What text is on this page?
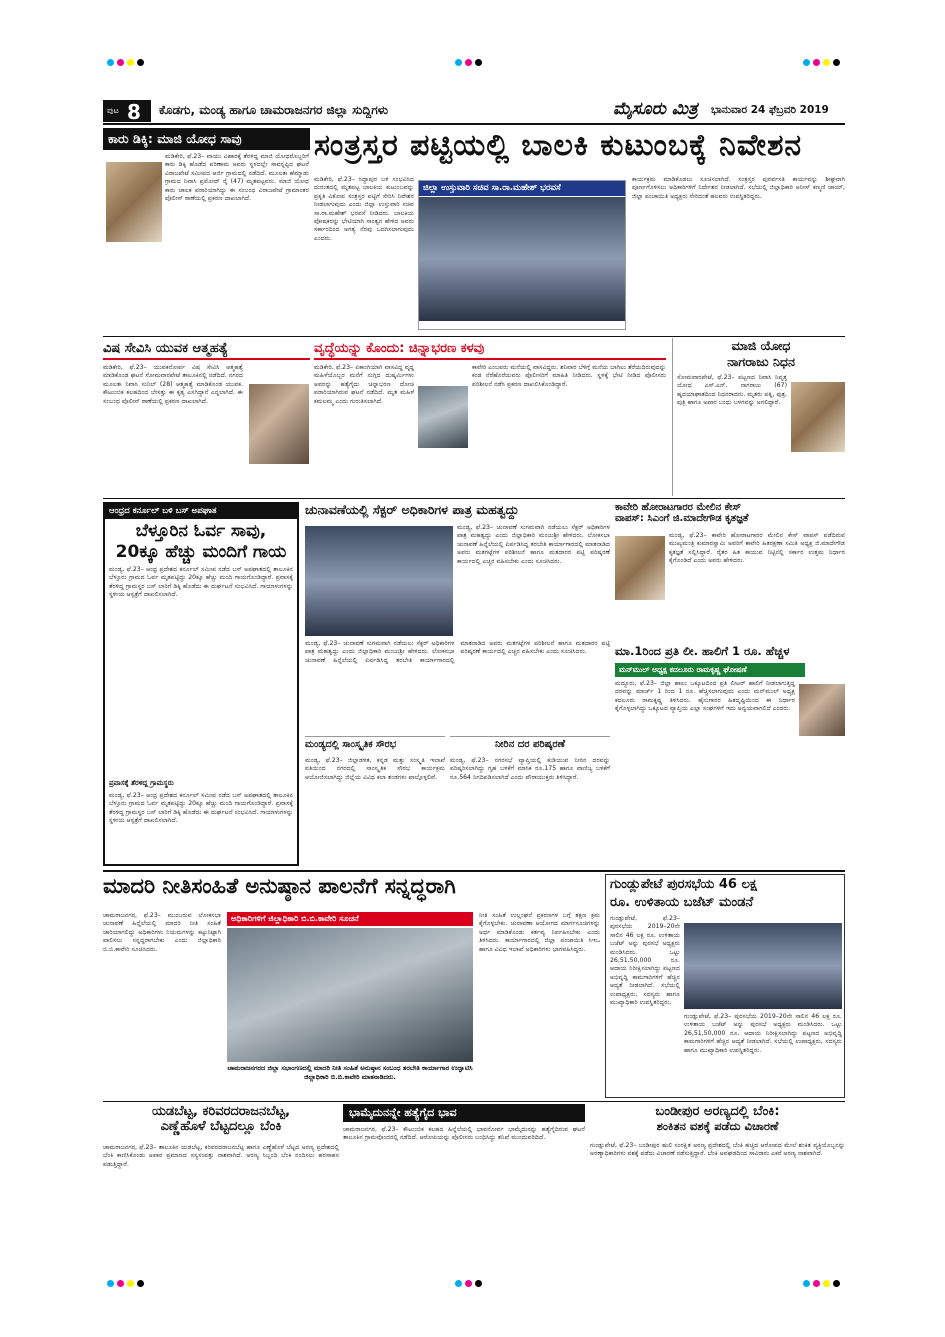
ಪುಟ 8 ಕೊಡಗು, ಮಂಡ್ಯ ಹಾಗೂ ಚಾಮರಾಜನಗರ ಜಿಲ್ಲಾ ಸುದ್ದಿಗಳು	ಮೈಸೂರು ಮಿತ್ರ ಭಾನುವಾರ 24 ಫೆಬ್ರವರಿ 2019
ಕಾರು ಡಿಕ್ಕಿ: ಮಾಜಿ ಯೋಧ ಸಾವು
ಮಡಿಕೇರಿ, ಫೆ.23– ವಾಯು ವಿಹಾರಕ್ಕೆ ತೆರಳಿದ್ದ ಮಾಜಿ ಯೋಧರೊಬ್ಬರಿಗೆ ಕಾರು ಡಿಕ್ಕಿ ಹೊಡೆದ ಪರಿಣಾಮ ಅವರು ಸ್ಥಳದಲ್ಲೇ ಸಾವನ್ನಪ್ಪಿದ ಘಟನೆ ವಿರಾಜಪೇಟೆ ಸಮೀಪದ ಆರ್ಜಿ ಗ್ರಾಮದಲ್ಲಿ ನಡೆದಿದೆ. ಮೂಲತಃ ಹೆಮ್ಮಾಡು ಗ್ರಾಮದ ನಿವಾಸಿ ಪ್ರಮೋದ್ ರೈ (47) ಮೃತಪಟ್ಟವರು. ಮಾಜಿ ಯೋಧ ಕಾರು ಚಾಲಕ ಪರಾರಿಯಾಗಿದ್ದು ಈ ಸಂಬಂಧ ವಿರಾಜಪೇಟೆ ಗ್ರಾಮಾಂತರ ಪೊಲೀಸ್ ಠಾಣೆಯಲ್ಲಿ ಪ್ರಕರಣ ದಾಖಲಾಗಿದೆ.
ಸಂತ್ರಸ್ತರ ಪಟ್ಟಿಯಲ್ಲಿ ಬಾಲಕಿ ಕುಟುಂಬಕ್ಕೆ ನಿವೇಶನ
ಮಡಿಕೇರಿ, ಫೆ.23– ಸಿದ್ದಾಪುರ ಬಳಿ ಸಂಭವಿಸಿದ ದುರಂತದಲ್ಲಿ ಮೃತಪಟ್ಟ ಬಾಲಕಿಯ ಕುಟುಂಬವನ್ನು ಪ್ರಕೃತಿ ವಿಕೋಪ ಸಂತ್ರಸ್ತರ ಪಟ್ಟಿಗೆ ಸೇರಿಸಿ ನಿವೇಶನ ನೀಡಲಾಗುವುದು ಎಂದು ಜಿಲ್ಲಾ ಉಸ್ತುವಾರಿ ಸಚಿವ ಸಾ.ರಾ.ಮಹೇಶ್ ಭರವಸೆ ನೀಡಿದರು. ಬಾಲಕಿಯ ಪೋಷಕರನ್ನು ಭೇಟಿಯಾಗಿ ಸಾಂತ್ವನ ಹೇಳಿದ ಅವರು ಸರ್ಕಾರದಿಂದ ಅಗತ್ಯ ನೆರವು ಒದಗಿಸಲಾಗುವುದು ಎಂದರು.
ಜಿಲ್ಲಾ ಉಸ್ತುವಾರಿ ಸಚಿವ ಸಾ.ರಾ.ಮಹೇಶ್ ಭರವಸೆ
ಕಾರ್ಯಕ್ರಮ ಮಾಡಿಕೊಡಲು ಸೂಚಿಸಲಾಗಿದೆ. ಸಂತ್ರಸ್ತರ ಪುನರ್ವಸತಿ ಕಾರ್ಯವನ್ನು ಶೀಘ್ರವಾಗಿ ಪೂರ್ಣಗೊಳಿಸಲು ಅಧಿಕಾರಿಗಳಿಗೆ ನಿರ್ದೇಶನ ನೀಡಲಾಗಿದೆ. ಸಭೆಯಲ್ಲಿ ಜಿಲ್ಲಾಧಿಕಾರಿ ಅನೀಸ್ ಕಣ್ಮಣಿ ಜಾಯ್, ಜಿಲ್ಲಾ ಪಂಚಾಯಿತಿ ಅಧ್ಯಕ್ಷರು ಸೇರಿದಂತೆ ಹಲವರು ಉಪಸ್ಥಿತರಿದ್ದರು.
ವಿಷ ಸೇವಿಸಿ ಯುವಕ ಆತ್ಮಹತ್ಯೆ
ಮಡಿಕೇರಿ, ಫೆ.23– ಯುವಕನೋರ್ವ ವಿಷ ಸೇವಿಸಿ ಆತ್ಮಹತ್ಯೆ ಮಾಡಿಕೊಂಡ ಘಟನೆ ಸೋಮವಾರಪೇಟೆ ತಾಲೂಕಿನಲ್ಲಿ ನಡೆದಿದೆ. ನಗರದ ಮೂಲತಃ ನಿವಾಸಿ ಸುನಿಲ್ (28) ಆತ್ಮಹತ್ಯೆ ಮಾಡಿಕೊಂಡ ಯುವಕ. ಕೌಟುಂಬಿಕ ಕಲಹದಿಂದ ಬೇಸತ್ತು ಈ ಕೃತ್ಯ ಎಸಗಿದ್ದಾನೆ ಎನ್ನಲಾಗಿದೆ. ಈ ಸಂಬಂಧ ಪೊಲೀಸ್ ಠಾಣೆಯಲ್ಲಿ ಪ್ರಕರಣ ದಾಖಲಾಗಿದೆ.
ವೃದ್ಧೆಯನ್ನು ಕೊಂದು: ಚಿನ್ನಾಭರಣ ಕಳವು
ಮಡಿಕೇರಿ, ಫೆ.23– ಏಕಾಂಗಿಯಾಗಿ ವಾಸವಿದ್ದ ವೃದ್ಧ ಮಹಿಳೆಯೊಬ್ಬರ ಮನೆಗೆ ನುಗ್ಗಿದ ದುಷ್ಕರ್ಮಿಗಳು ಅವರನ್ನು ಹತ್ಯೆಗೈದು ಚಿನ್ನಾಭರಣ ದೋಚಿ ಪರಾರಿಯಾಗಿರುವ ಘಟನೆ ನಡೆದಿದೆ. ಮೃತ ಮಹಿಳೆ ಕಮಲಮ್ಮ ಎಂದು ಗುರುತಿಸಲಾಗಿದೆ.
ಕಾವೇರಿ ಎಂಬವರು ಮನೆಯಲ್ಲಿ ವಾಸವಿದ್ದರು. ಶನಿವಾರ ಬೆಳಿಗ್ಗೆ ಮನೆಯ ಬಾಗಿಲು ತೆರೆಯದಿರುವುದನ್ನು ಕಂಡ ನೆರೆಹೊರೆಯವರು ಪೊಲೀಸರಿಗೆ ಮಾಹಿತಿ ನೀಡಿದರು. ಸ್ಥಳಕ್ಕೆ ಭೇಟಿ ನೀಡಿದ ಪೊಲೀಸರು ಪರಿಶೀಲನೆ ನಡೆಸಿ ಪ್ರಕರಣ ದಾಖಲಿಸಿಕೊಂಡಿದ್ದಾರೆ.
ಮಾಜಿ ಯೋಧ
ನಾಗರಾಜು ನಿಧನ
ಸೋಮವಾರಪೇಟೆ, ಫೆ.23– ಪಟ್ಟಣದ ನಿವಾಸಿ ನಿವೃತ್ತ ಯೋಧ ಎಸ್.ಎನ್. ನಾಗರಾಜು (67) ಹೃದಯಾಘಾತದಿಂದ ನಿಧನರಾದರು. ಮೃತರು ಪತ್ನಿ, ಪುತ್ರ, ಪುತ್ರಿ ಹಾಗೂ ಅಪಾರ ಬಂಧು ಬಳಗವನ್ನು ಅಗಲಿದ್ದಾರೆ.
ಆಂಧ್ರದ ಕರ್ನೂಲ್ ಬಳಿ ಬಸ್ ಅಪಘಾತ
ಬೆಳ್ತೂರಿನ ಓರ್ವ ಸಾವು,
20ಕ್ಕೂ ಹೆಚ್ಚು ಮಂದಿಗೆ ಗಾಯ
ಮಂಡ್ಯ, ಫೆ.23– ಆಂಧ್ರ ಪ್ರದೇಶದ ಕರ್ನೂಲ್ ಸಮೀಪ ನಡೆದ ಬಸ್ ಅಪಘಾತದಲ್ಲಿ ತಾಲೂಕಿನ ಬೆಳ್ತೂರು ಗ್ರಾಮದ ಓರ್ವ ಮೃತಪಟ್ಟಿದ್ದು 20ಕ್ಕೂ ಹೆಚ್ಚು ಮಂದಿ ಗಾಯಗೊಂಡಿದ್ದಾರೆ. ಪ್ರವಾಸಕ್ಕೆ ತೆರಳಿದ್ದ ಗ್ರಾಮಸ್ಥರ ಬಸ್ ಲಾರಿಗೆ ಡಿಕ್ಕಿ ಹೊಡೆದು ಈ ದುರ್ಘಟನೆ ಸಂಭವಿಸಿದೆ. ಗಾಯಾಳುಗಳನ್ನು ಸ್ಥಳೀಯ ಆಸ್ಪತ್ರೆಗೆ ದಾಖಲಿಸಲಾಗಿದೆ.
ಪ್ರವಾಸಕ್ಕೆ ತೆರಳಿದ್ದ ಗ್ರಾಮಸ್ಥರು
ಮಂಡ್ಯ, ಫೆ.23– ಆಂಧ್ರ ಪ್ರದೇಶದ ಕರ್ನೂಲ್ ಸಮೀಪ ನಡೆದ ಬಸ್ ಅಪಘಾತದಲ್ಲಿ ತಾಲೂಕಿನ ಬೆಳ್ತೂರು ಗ್ರಾಮದ ಓರ್ವ ಮೃತಪಟ್ಟಿದ್ದು 20ಕ್ಕೂ ಹೆಚ್ಚು ಮಂದಿ ಗಾಯಗೊಂಡಿದ್ದಾರೆ. ಪ್ರವಾಸಕ್ಕೆ ತೆರಳಿದ್ದ ಗ್ರಾಮಸ್ಥರ ಬಸ್ ಲಾರಿಗೆ ಡಿಕ್ಕಿ ಹೊಡೆದು ಈ ದುರ್ಘಟನೆ ಸಂಭವಿಸಿದೆ. ಗಾಯಾಳುಗಳನ್ನು ಸ್ಥಳೀಯ ಆಸ್ಪತ್ರೆಗೆ ದಾಖಲಿಸಲಾಗಿದೆ.
ಚುನಾವಣೆಯಲ್ಲಿ ಸೆಕ್ಟರ್ ಅಧಿಕಾರಿಗಳ ಪಾತ್ರ ಮಹತ್ವದ್ದು
ಮಂಡ್ಯ, ಫೆ.23– ಚುನಾವಣೆ ಸುಗಮವಾಗಿ ನಡೆಯಲು ಸೆಕ್ಟರ್ ಅಧಿಕಾರಿಗಳ ಪಾತ್ರ ಮಹತ್ವದ್ದು ಎಂದು ಜಿಲ್ಲಾಧಿಕಾರಿ ಮಂಜುಶ್ರೀ ಹೇಳಿದರು. ಲೋಕಸಭಾ ಚುನಾವಣೆ ಹಿನ್ನೆಲೆಯಲ್ಲಿ ಏರ್ಪಡಿಸಿದ್ದ ತರಬೇತಿ ಕಾರ್ಯಾಗಾರದಲ್ಲಿ ಮಾತನಾಡಿದ ಅವರು ಮತಗಟ್ಟೆಗಳ ಪರಿಶೀಲನೆ ಹಾಗೂ ಮತದಾರರ ಪಟ್ಟಿ ಪರಿಷ್ಕರಣೆ ಕಾರ್ಯದಲ್ಲಿ ಎಚ್ಚರ ವಹಿಸಬೇಕು ಎಂದು ಸೂಚಿಸಿದರು.
ಮಂಡ್ಯ, ಫೆ.23– ಚುನಾವಣೆ ಸುಗಮವಾಗಿ ನಡೆಯಲು ಸೆಕ್ಟರ್ ಅಧಿಕಾರಿಗಳ ಪಾತ್ರ ಮಹತ್ವದ್ದು ಎಂದು ಜಿಲ್ಲಾಧಿಕಾರಿ ಮಂಜುಶ್ರೀ ಹೇಳಿದರು. ಲೋಕಸಭಾ ಚುನಾವಣೆ ಹಿನ್ನೆಲೆಯಲ್ಲಿ ಏರ್ಪಡಿಸಿದ್ದ ತರಬೇತಿ ಕಾರ್ಯಾಗಾರದಲ್ಲಿ ಮಾತನಾಡಿದ ಅವರು ಮತಗಟ್ಟೆಗಳ ಪರಿಶೀಲನೆ ಹಾಗೂ ಮತದಾರರ ಪಟ್ಟಿ ಪರಿಷ್ಕರಣೆ ಕಾರ್ಯದಲ್ಲಿ ಎಚ್ಚರ ವಹಿಸಬೇಕು ಎಂದು ಸೂಚಿಸಿದರು.
ಕಾವೇರಿ ಹೋರಾಟಗಾರರ ಮೇಲಿನ ಕೇಸ್
ವಾಪಸ್: ಸಿಎಂಗೆ ಜಿ.ಮಾದೇಗೌಡ ಕೃತಜ್ಞತೆ
ಮಂಡ್ಯ, ಫೆ.23– ಕಾವೇರಿ ಹೋರಾಟಗಾರರ ಮೇಲಿನ ಕೇಸ್ ವಾಪಸ್ ಪಡೆದಿರುವ ಮುಖ್ಯಮಂತ್ರಿ ಕುಮಾರಸ್ವಾಮಿ ಅವರಿಗೆ ಕಾವೇರಿ ಹಿತರಕ್ಷಣಾ ಸಮಿತಿ ಅಧ್ಯಕ್ಷ ಜಿ.ಮಾದೇಗೌಡ ಕೃತಜ್ಞತೆ ಸಲ್ಲಿಸಿದ್ದಾರೆ. ರೈತರ ಹಿತ ಕಾಯುವ ನಿಟ್ಟಿನಲ್ಲಿ ಸರ್ಕಾರ ಉತ್ತಮ ನಿರ್ಧಾರ ಕೈಗೊಂಡಿದೆ ಎಂದು ಅವರು ಹೇಳಿದರು.
ಮಾ.1ರಿಂದ ಪ್ರತಿ ಲೀ. ಹಾಲಿಗೆ 1 ರೂ. ಹೆಚ್ಚಳ
ಮನ್‌ಮುಲ್ ಅಧ್ಯಕ್ಷ ಕದಲೂರು ರಾಮಕೃಷ್ಣ ಘೋಷಣೆ
ಮದ್ದೂರು, ಫೆ.23– ಜಿಲ್ಲಾ ಹಾಲು ಒಕ್ಕೂಟದಿಂದ ಪ್ರತಿ ಲೀಟರ್ ಹಾಲಿಗೆ ನೀಡಲಾಗುತ್ತಿದ್ದ ದರವನ್ನು ಮಾರ್ಚ್ 1 ರಿಂದ 1 ರೂ. ಹೆಚ್ಚಿಸಲಾಗುವುದು ಎಂದು ಮನ್‌ಮುಲ್ ಅಧ್ಯಕ್ಷ ಕದಲೂರು ರಾಮಕೃಷ್ಣ ತಿಳಿಸಿದರು. ಹೈನುಗಾರರ ಹಿತದೃಷ್ಟಿಯಿಂದ ಈ ನಿರ್ಧಾರ ಕೈಗೊಳ್ಳಲಾಗಿದ್ದು ಒಕ್ಕೂಟದ ವ್ಯಾಪ್ತಿಯ ಎಲ್ಲಾ ಸಂಘಗಳಿಗೆ ಇದು ಅನ್ವಯವಾಗಲಿದೆ ಎಂದರು.
ಮಂಡ್ಯದಲ್ಲಿ ಸಾಂಸ್ಕೃತಿಕ ಸೌರಭ
ಮಂಡ್ಯ, ಫೆ.23– ಜಿಲ್ಲಾಡಳಿತ, ಕನ್ನಡ ಮತ್ತು ಸಂಸ್ಕೃತಿ ಇಲಾಖೆ ವತಿಯಿಂದ ನಗರದಲ್ಲಿ ಸಾಂಸ್ಕೃತಿಕ ಸೌರಭ ಕಾರ್ಯಕ್ರಮ ಆಯೋಜಿಸಲಾಗಿದ್ದು ಜಿಲ್ಲೆಯ ವಿವಿಧ ಕಲಾ ತಂಡಗಳು ಪಾಲ್ಗೊಳ್ಳಲಿವೆ.
ನೀರಿನ ದರ ಪರಿಷ್ಕರಣೆ
ಮಂಡ್ಯ, ಫೆ.23– ನಗರಸಭೆ ವ್ಯಾಪ್ತಿಯಲ್ಲಿ ಕುಡಿಯುವ ನೀರಿನ ದರವನ್ನು ಪರಿಷ್ಕರಿಸಲಾಗಿದ್ದು ಗೃಹ ಬಳಕೆಗೆ ಮಾಸಿಕ ರೂ.175 ಹಾಗೂ ವಾಣಿಜ್ಯ ಬಳಕೆಗೆ ರೂ.564 ನಿಗದಿಪಡಿಸಲಾಗಿದೆ ಎಂದು ಪೌರಾಯುಕ್ತರು ತಿಳಿಸಿದ್ದಾರೆ.
ಮಾದರಿ ನೀತಿಸಂಹಿತೆ ಅನುಷ್ಠಾನ ಪಾಲನೆಗೆ ಸನ್ನದ್ಧರಾಗಿ
ಚಾಮರಾಜನಗರ, ಫೆ.23– ಮುಂಬರುವ ಲೋಕಸಭಾ ಚುನಾವಣೆ ಹಿನ್ನೆಲೆಯಲ್ಲಿ ಮಾದರಿ ನೀತಿ ಸಂಹಿತೆ ಜಾರಿಯಾಗಲಿದ್ದು ಅಧಿಕಾರಿಗಳು ನಿಯಮಗಳನ್ನು ಕಟ್ಟುನಿಟ್ಟಾಗಿ ಪಾಲಿಸಲು ಸನ್ನದ್ಧರಾಗಬೇಕು ಎಂದು ಜಿಲ್ಲಾಧಿಕಾರಿ ಬಿ.ಬಿ.ಕಾವೇರಿ ಸೂಚಿಸಿದರು.
ಅಧಿಕಾರಿಗಳಿಗೆ ಜಿಲ್ಲಾಧಿಕಾರಿ ಬಿ.ಬಿ.ಕಾವೇರಿ ಸೂಚನೆ
ಚಾಮರಾಜನಗರದ ಜಿಲ್ಲಾ ಸಭಾಂಗಣದಲ್ಲಿ ಮಾದರಿ ನೀತಿ ಸಂಹಿತೆ ಅನುಷ್ಠಾನ ಸಂಬಂಧ ತರಬೇತಿ ಕಾರ್ಯಾಗಾರ ಉದ್ಘಾಟಿಸಿ ಜಿಲ್ಲಾಧಿಕಾರಿ ಬಿ.ಬಿ.ಕಾವೇರಿ ಮಾತನಾಡಿದರು.
ನೀತಿ ಸಂಹಿತೆ ಉಲ್ಲಂಘನೆ ಪ್ರಕರಣಗಳ ಬಗ್ಗೆ ತಕ್ಷಣ ಕ್ರಮ ಕೈಗೊಳ್ಳಬೇಕು. ಚುನಾವಣಾ ಆಯೋಗದ ಮಾರ್ಗಸೂಚಿಗಳನ್ನು ಅರ್ಥ ಮಾಡಿಕೊಂಡು ಕರ್ತವ್ಯ ನಿರ್ವಹಿಸಬೇಕು ಎಂದು ತಿಳಿಸಿದರು. ಕಾರ್ಯಾಗಾರದಲ್ಲಿ ಜಿಲ್ಲಾ ಪಂಚಾಯಿತಿ ಸಿಇಒ ಹಾಗೂ ವಿವಿಧ ಇಲಾಖೆ ಅಧಿಕಾರಿಗಳು ಭಾಗವಹಿಸಿದ್ದರು.
ಗುಂಡ್ಲುಪೇಟೆ ಪುರಸಭೆಯ 46 ಲಕ್ಷ
ರೂ. ಉಳಿತಾಯ ಬಜೆಟ್ ಮಂಡನೆ
ಗುಂಡ್ಲುಪೇಟೆ, ಫೆ.23– ಪುರಸಭೆಯ 2019–20ನೇ ಸಾಲಿನ 46 ಲಕ್ಷ ರೂ. ಉಳಿತಾಯ ಬಜೆಟ್ ಅನ್ನು ಪುರಸಭೆ ಅಧ್ಯಕ್ಷರು ಮಂಡಿಸಿದರು. ಒಟ್ಟು 26,51,50,000 ರೂ. ಆದಾಯ ನಿರೀಕ್ಷಿಸಲಾಗಿದ್ದು ಪಟ್ಟಣದ ಅಭಿವೃದ್ಧಿ ಕಾಮಗಾರಿಗಳಿಗೆ ಹೆಚ್ಚಿನ ಆದ್ಯತೆ ನೀಡಲಾಗಿದೆ. ಸಭೆಯಲ್ಲಿ ಉಪಾಧ್ಯಕ್ಷರು, ಸದಸ್ಯರು ಹಾಗೂ ಮುಖ್ಯಾಧಿಕಾರಿ ಉಪಸ್ಥಿತರಿದ್ದರು.
ಗುಂಡ್ಲುಪೇಟೆ, ಫೆ.23– ಪುರಸಭೆಯ 2019–20ನೇ ಸಾಲಿನ 46 ಲಕ್ಷ ರೂ. ಉಳಿತಾಯ ಬಜೆಟ್ ಅನ್ನು ಪುರಸಭೆ ಅಧ್ಯಕ್ಷರು ಮಂಡಿಸಿದರು. ಒಟ್ಟು 26,51,50,000 ರೂ. ಆದಾಯ ನಿರೀಕ್ಷಿಸಲಾಗಿದ್ದು ಪಟ್ಟಣದ ಅಭಿವೃದ್ಧಿ ಕಾಮಗಾರಿಗಳಿಗೆ ಹೆಚ್ಚಿನ ಆದ್ಯತೆ ನೀಡಲಾಗಿದೆ. ಸಭೆಯಲ್ಲಿ ಉಪಾಧ್ಯಕ್ಷರು, ಸದಸ್ಯರು ಹಾಗೂ ಮುಖ್ಯಾಧಿಕಾರಿ ಉಪಸ್ಥಿತರಿದ್ದರು.
ಯಡಬೆಟ್ಟ, ಕರಿವರದರಾಜನಬೆಟ್ಟ,
ಎಣ್ಣೆಹೊಳೆ ಬೆಟ್ಟದಲ್ಲೂ ಬೆಂಕಿ
ಚಾಮರಾಜನಗರ, ಫೆ.23– ತಾಲೂಕಿನ ಯಡಬೆಟ್ಟ, ಕರಿವರದರಾಜನಬೆಟ್ಟ ಹಾಗೂ ಎಣ್ಣೆಹೊಳೆ ಬೆಟ್ಟದ ಅರಣ್ಯ ಪ್ರದೇಶದಲ್ಲಿ ಬೆಂಕಿ ಕಾಣಿಸಿಕೊಂಡು ಅಪಾರ ಪ್ರಮಾಣದ ಸಸ್ಯಸಂಪತ್ತು ನಾಶವಾಗಿದೆ. ಅರಣ್ಯ ಸಿಬ್ಬಂದಿ ಬೆಂಕಿ ನಂದಿಸಲು ಹರಸಾಹಸ ಪಡುತ್ತಿದ್ದಾರೆ.
ಭಾಮೈದುನನ್ನೇ ಹತ್ಯೆಗೈದ ಭಾವ
ಚಾಮರಾಜನಗರ, ಫೆ.23– ಕೌಟುಂಬಿಕ ಕಲಹದ ಹಿನ್ನೆಲೆಯಲ್ಲಿ ಭಾವನೋರ್ವ ಭಾಮೈದುನನ್ನು ಹತ್ಯೆಗೈದಿರುವ ಘಟನೆ ತಾಲೂಕಿನ ಗ್ರಾಮವೊಂದರಲ್ಲಿ ನಡೆದಿದೆ. ಆರೋಪಿಯನ್ನು ಪೊಲೀಸರು ಬಂಧಿಸಿದ್ದು ತನಿಖೆ ಮುಂದುವರಿದಿದೆ.
ಬಂಡೀಪುರ ಅರಣ್ಯದಲ್ಲಿ ಬೆಂಕಿ:
ಶಂಕಿತನ ವಶಕ್ಕೆ ಪಡೆದು ವಿಚಾರಣೆ
ಗುಂಡ್ಲುಪೇಟೆ, ಫೆ.23– ಬಂಡೀಪುರ ಹುಲಿ ಸಂರಕ್ಷಿತ ಅರಣ್ಯ ಪ್ರದೇಶದಲ್ಲಿ ಬೆಂಕಿ ಹಚ್ಚಿದ ಆರೋಪದ ಮೇಲೆ ಶಂಕಿತ ವ್ಯಕ್ತಿಯೊಬ್ಬನನ್ನು ಅರಣ್ಯಾಧಿಕಾರಿಗಳು ವಶಕ್ಕೆ ಪಡೆದು ವಿಚಾರಣೆ ನಡೆಸುತ್ತಿದ್ದಾರೆ. ಬೆಂಕಿ ಅವಘಡದಿಂದ ಸಾವಿರಾರು ಎಕರೆ ಅರಣ್ಯ ನಾಶವಾಗಿದೆ.
